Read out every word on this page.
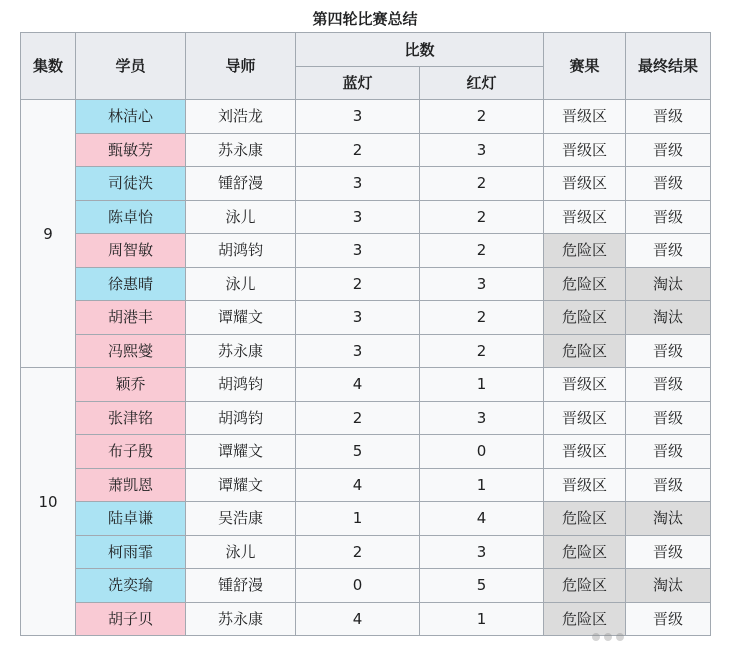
第四轮比赛总结
集数	学员	导师	比数		赛果	最终结果
			蓝灯	红灯		
9	林洁心	刘浩龙	3	2	晋级区	晋级
	甄敏芳	苏永康	2	3	晋级区	晋级
	司徒泆	锺舒漫	3	2	晋级区	晋级
	陈卓怡	泳儿	3	2	晋级区	晋级
	周智敏	胡鸿钧	3	2	危险区	晋级
	徐惠晴	泳儿	2	3	危险区	淘汰
	胡港丰	谭耀文	3	2	危险区	淘汰
	冯熙燮	苏永康	3	2	危险区	晋级
10	颖乔	胡鸿钧	4	1	晋级区	晋级
	张津铭	胡鸿钧	2	3	晋级区	晋级
	布子殷	谭耀文	5	0	晋级区	晋级
	萧凯恩	谭耀文	4	1	晋级区	晋级
	陆卓谦	吴浩康	1	4	危险区	淘汰
	柯雨霏	泳儿	2	3	危险区	晋级
	冼奕瑜	锺舒漫	0	5	危险区	淘汰
	胡子贝	苏永康	4	1	危险区	晋级
